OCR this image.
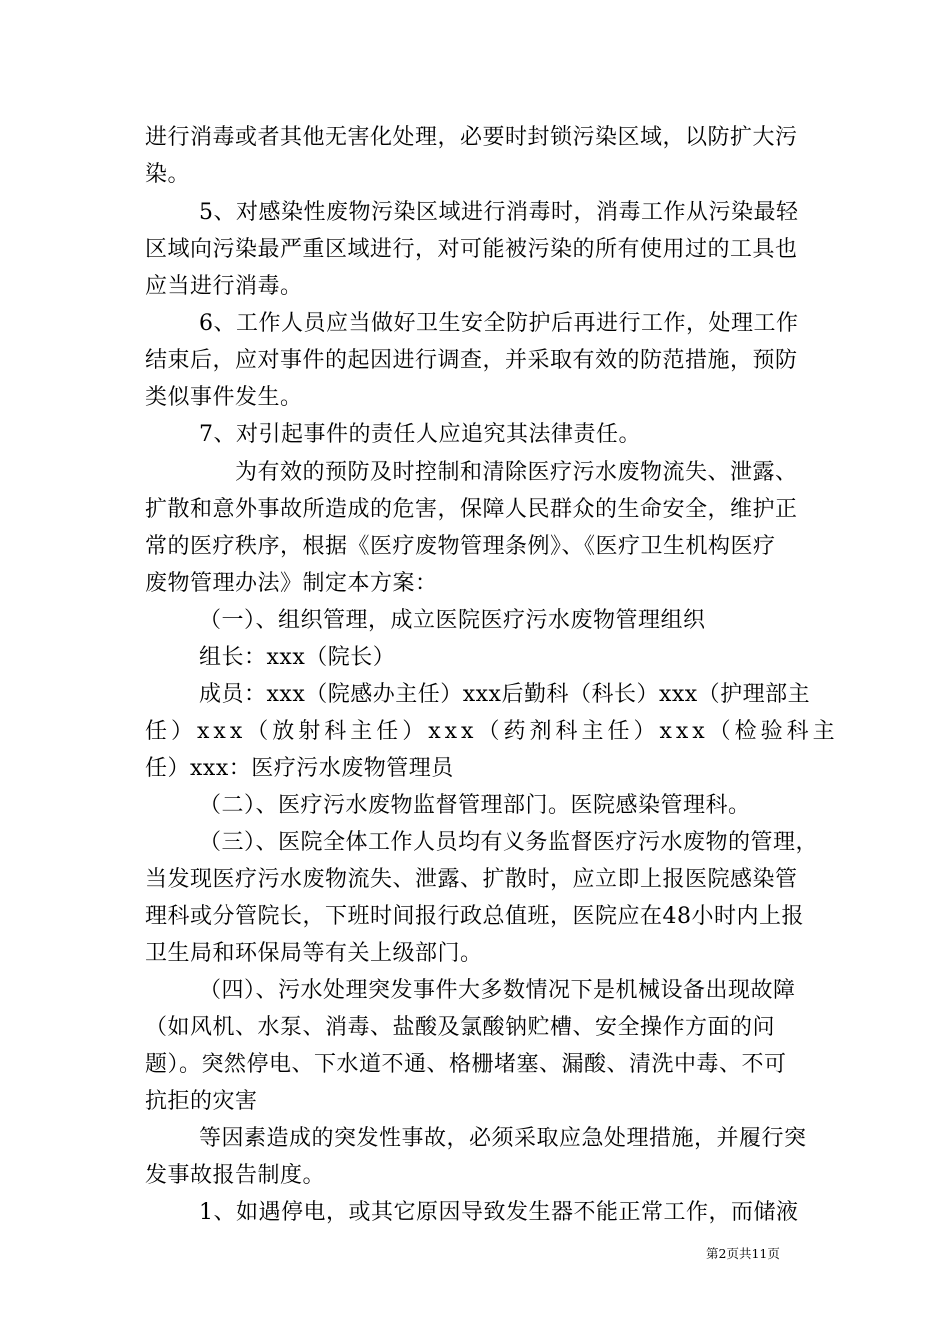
进行消毒或者其他无害化处理，必要时封锁污染区域，以防扩大污
染。
5、对感染性废物污染区域进行消毒时，消毒工作从污染最轻
区域向污染最严重区域进行，对可能被污染的所有使用过的工具也
应当进行消毒。
6、工作人员应当做好卫生安全防护后再进行工作，处理工作
结束后，应对事件的起因进行调查，并采取有效的防范措施，预防
类似事件发生。
7、对引起事件的责任人应追究其法律责任。
为有效的预防及时控制和清除医疗污水废物流失、泄露、
扩散和意外事故所造成的危害，保障人民群众的生命安全，维护正
常的医疗秩序，根据《医疗废物管理条例》、《医疗卫生机构医疗
废物管理办法》制定本方案：
（一）、组织管理，成立医院医疗污水废物管理组织
组长：xxx（院长）
成员：xxx（院感办主任）xxx后勤科（科长）xxx（护理部主
任）xxx（放射科主任）xxx（药剂科主任）xxx（检验科主
任）xxx：医疗污水废物管理员
（二）、医疗污水废物监督管理部门。医院感染管理科。
（三）、医院全体工作人员均有义务监督医疗污水废物的管理，
当发现医疗污水废物流失、泄露、扩散时，应立即上报医院感染管
理科或分管院长，下班时间报行政总值班，医院应在48小时内上报
卫生局和环保局等有关上级部门。
（四）、污水处理突发事件大多数情况下是机械设备出现故障
（如风机、水泵、消毒、盐酸及氯酸钠贮槽、安全操作方面的问
题）。突然停电、下水道不通、格栅堵塞、漏酸、清洗中毒、不可
抗拒的灾害
等因素造成的突发性事故，必须采取应急处理措施，并履行突
发事故报告制度。
1、如遇停电，或其它原因导致发生器不能正常工作，而储液
第2页共11页
